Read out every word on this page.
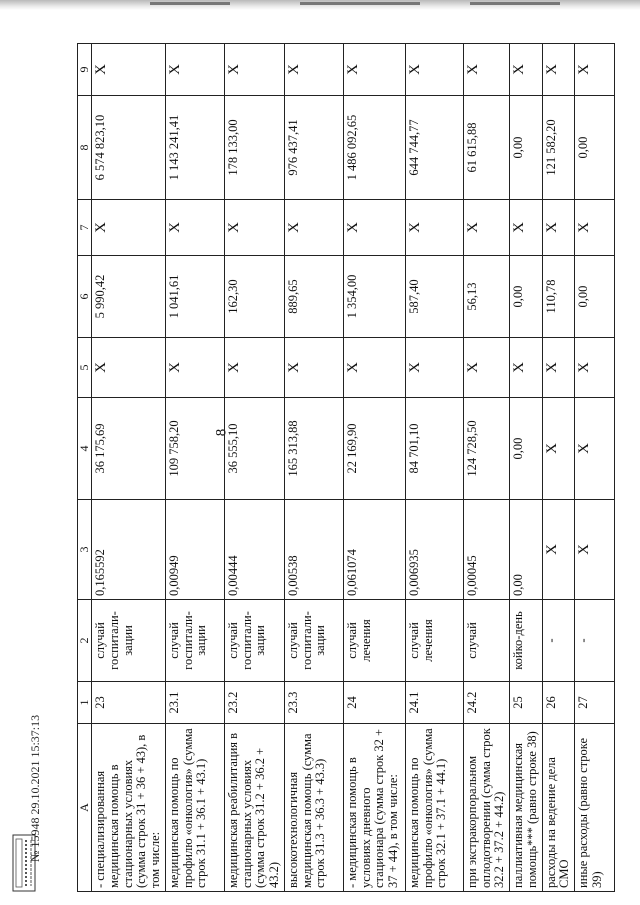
8
А	1	2	3	4	5	6	7	8	9
- специализированная медицинская помощь в стационарных условиях (сумма строк 31 + 36 + 43), в том числе:	23	случай госпитали-зации	0,165592	36 175,69	X	5 990,42	X	6 574 823,10	X
медицинская помощь по профилю «онкология» (сумма строк 31.1 + 36.1 + 43.1)	23.1	случай госпитали-зации	0,00949	109 758,20	X	1 041,61	X	1 143 241,41	X
медицинская реабилитация в стационарных условиях (сумма строк 31.2 + 36.2 + 43.2)	23.2	случай госпитали-зации	0,00444	36 555,10	X	162,30	X	178 133,00	X
высокотехнологичная медицинская помощь (сумма строк 31.3 + 36.3 + 43.3)	23.3	случай госпитали-зации	0,00538	165 313,88	X	889,65	X	976 437,41	X
- медицинская помощь в условиях дневного стационара (сумма строк 32 + 37 + 44), в том числе:	24	случай лечения	0,061074	22 169,90	X	1 354,00	X	1 486 092,65	X
медицинская помощь по профилю «онкология» (сумма строк 32.1 + 37.1 + 44.1)	24.1	случай лечения	0,006935	84 701,10	X	587,40	X	644 744,77	X
при экстракорпоральном оплодотворении (сумма строк 32.2 + 37.2 + 44.2)	24.2	случай	0,00045	124 728,50	X	56,13	X	61 615,88	X
паллиативная медицинская помощь*** (равно строке 38)	25	койко-день	0,00	0,00	X	0,00	X	0,00	X
расходы на ведение дела СМО	26	-	X	X	X	110,78	X	121 582,20	X
иные расходы (равно строке 39)	27	-	X	X	X	0,00	X	0,00	X
№ 15948 29.10.2021 15:37:13
